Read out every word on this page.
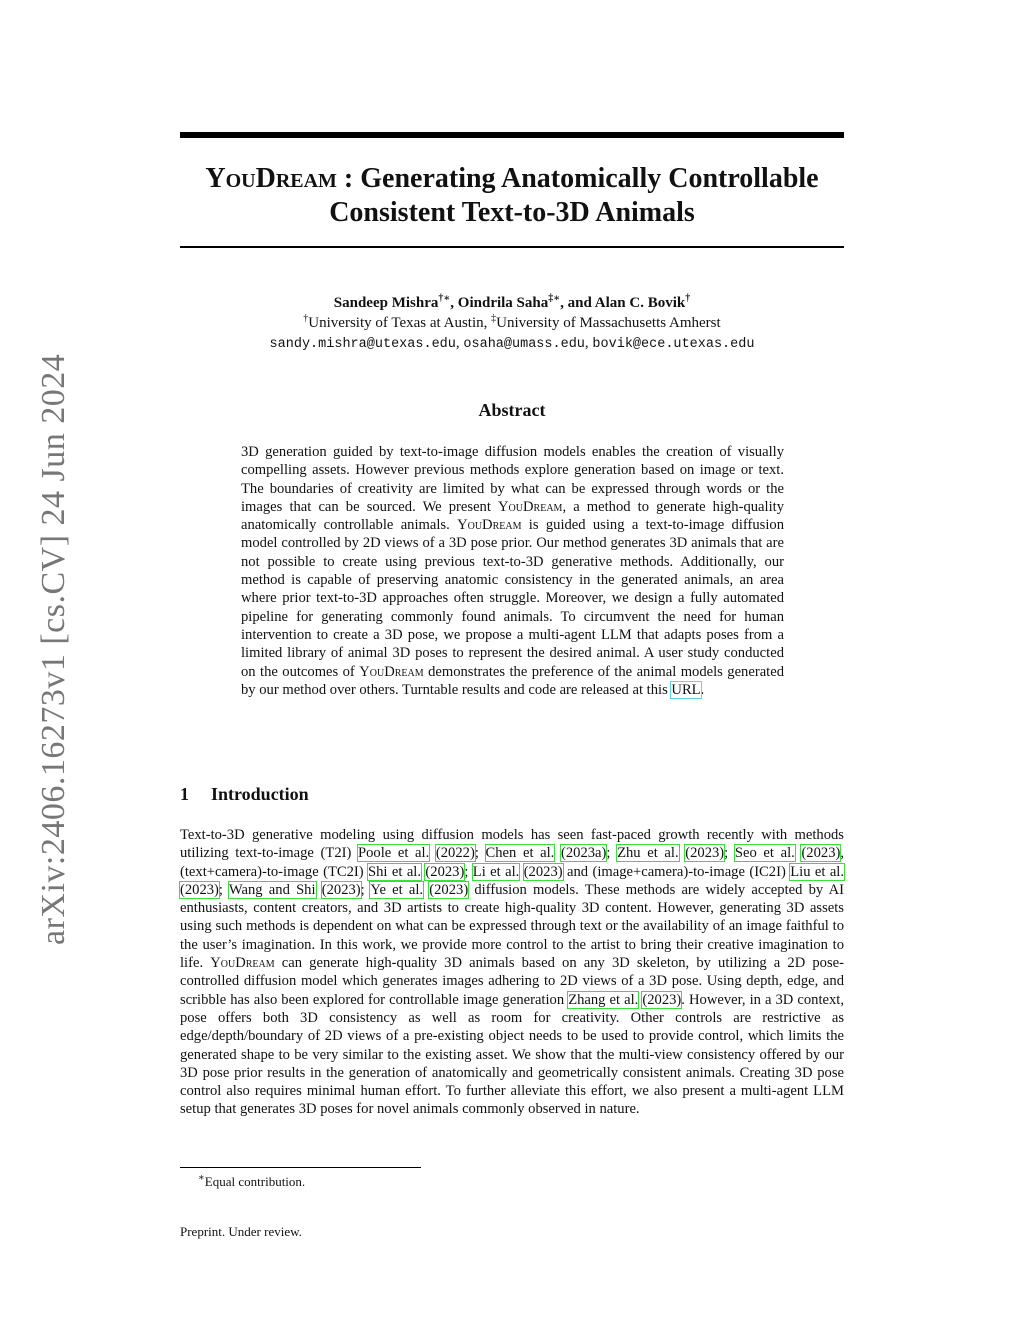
arXiv:2406.16273v1 [cs.CV] 24 Jun 2024
YouDream : Generating Anatomically Controllable
Consistent Text-to-3D Animals
Sandeep Mishra†∗, Oindrila Saha‡∗, and Alan C. Bovik†
†University of Texas at Austin, ‡University of Massachusetts Amherst
sandy.mishra@utexas.edu, osaha@umass.edu, bovik@ece.utexas.edu
Abstract
3D generation guided by text-to-image diffusion models enables the creation of visually compelling assets. However previous methods explore generation based on image or text. The boundaries of creativity are limited by what can be expressed through words or the images that can be sourced. We present YouDream, a method to generate high-quality anatomically controllable animals. YouDream is guided using a text-to-image diffusion model controlled by 2D views of a 3D pose prior. Our method generates 3D animals that are not possible to create using previous text-to-3D generative methods. Additionally, our method is capable of preserving anatomic consistency in the generated animals, an area where prior text-to-3D approaches often struggle. Moreover, we design a fully automated pipeline for generating commonly found animals. To circumvent the need for human intervention to create a 3D pose, we propose a multi-agent LLM that adapts poses from a limited library of animal 3D poses to represent the desired animal. A user study conducted on the outcomes of YouDream demonstrates the preference of the animal models generated by our method over others. Turntable results and code are released at this URL.
1 Introduction
Text-to-3D generative modeling using diffusion models has seen fast-paced growth recently with methods utilizing text-to-image (T2I) Poole et al. (2022); Chen et al. (2023a); Zhu et al. (2023); Seo et al. (2023), (text+camera)-to-image (TC2I) Shi et al. (2023); Li et al. (2023) and (image+camera)-to-image (IC2I) Liu et al. (2023); Wang and Shi (2023); Ye et al. (2023) diffusion models. These methods are widely accepted by AI enthusiasts, content creators, and 3D artists to create high-quality 3D content. However, generating 3D assets using such methods is dependent on what can be expressed through text or the availability of an image faithful to the user’s imagination. In this work, we provide more control to the artist to bring their creative imagination to life. YouDream can generate high-quality 3D animals based on any 3D skeleton, by utilizing a 2D pose-controlled diffusion model which generates images adhering to 2D views of a 3D pose. Using depth, edge, and scribble has also been explored for controllable image generation Zhang et al. (2023). However, in a 3D context, pose offers both 3D consistency as well as room for creativity. Other controls are restrictive as edge/depth/boundary of 2D views of a pre-existing object needs to be used to provide control, which limits the generated shape to be very similar to the existing asset. We show that the multi-view consistency offered by our 3D pose prior results in the generation of anatomically and geometrically consistent animals. Creating 3D pose control also requires minimal human effort. To further alleviate this effort, we also present a multi-agent LLM setup that generates 3D poses for novel animals commonly observed in nature.
∗Equal contribution.
Preprint. Under review.
